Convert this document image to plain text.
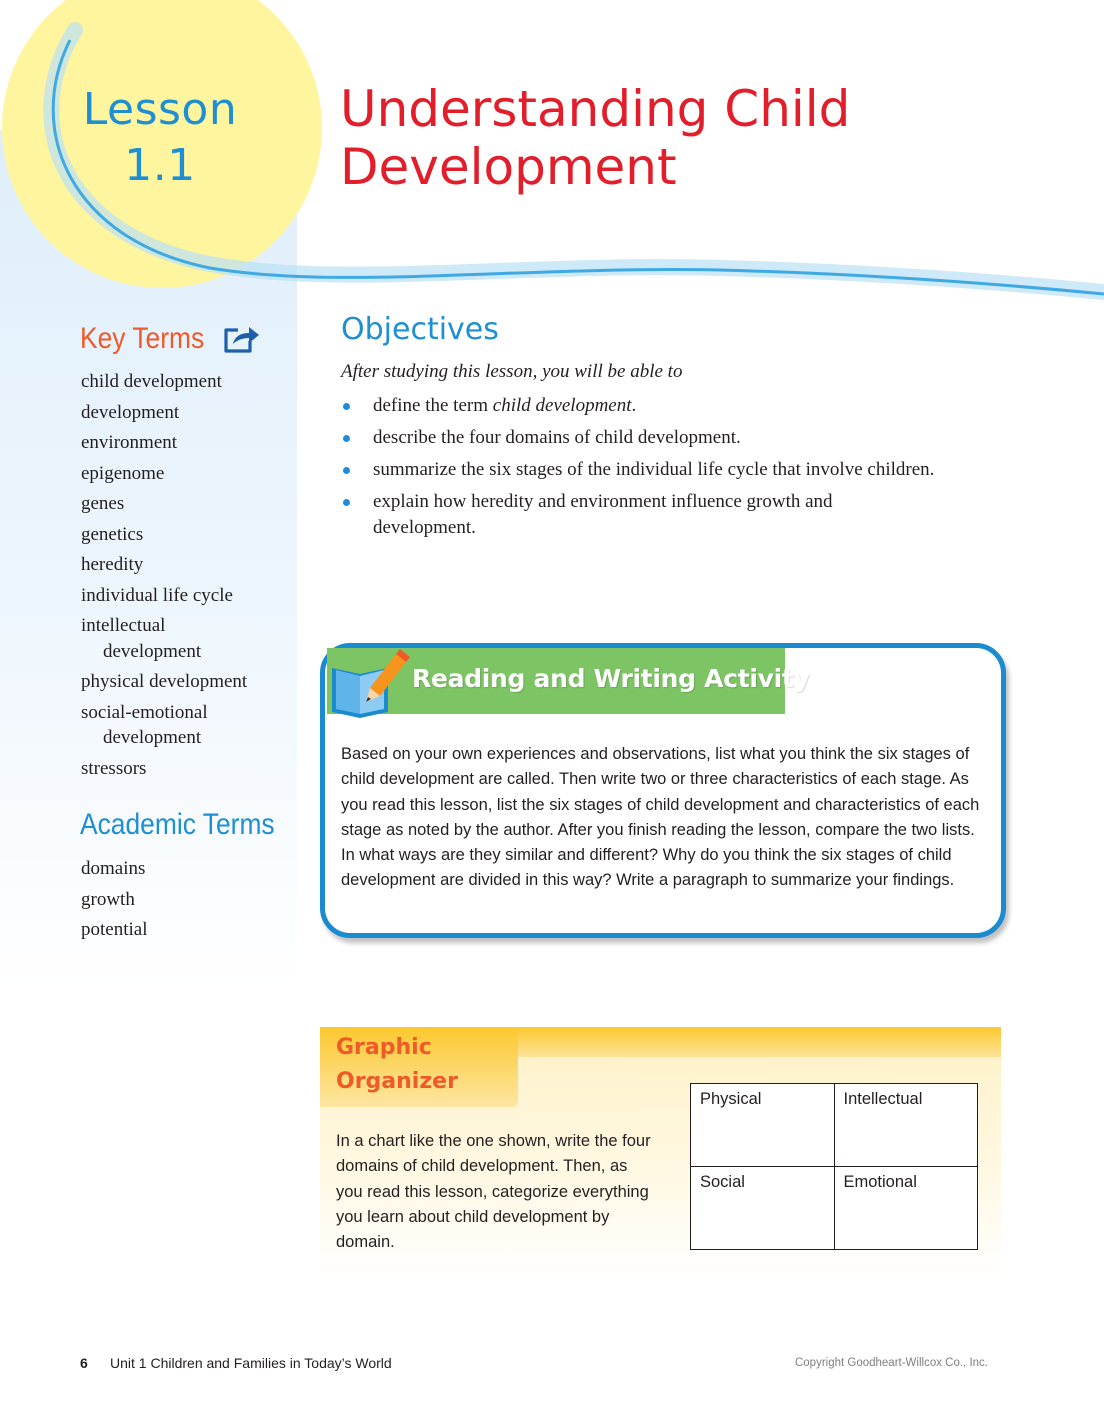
Lesson
1.1
Understanding Child
Development
Key Terms
child development
development
environment
epigenome
genes
genetics
heredity
individual life cycle
intellectual development
physical development
social-emotional development
stressors
Academic Terms
domains
growth
potential
Objectives
After studying this lesson, you will be able to
define the term child development.
describe the four domains of child development.
summarize the six stages of the individual life cycle that involve children.
explain how heredity and environment influence growth and development.
Reading and Writing Activity
Based on your own experiences and observations, list what you think the six stages of child development are called. Then write two or three characteristics of each stage. As you read this lesson, list the six stages of child development and characteristics of each stage as noted by the author. After you finish reading the lesson, compare the two lists. In what ways are they similar and different? Why do you think the six stages of child development are divided in this way? Write a paragraph to summarize your findings.
Graphic
Organizer
In a chart like the one shown, write the four domains of child development. Then, as you read this lesson, categorize everything you learn about child development by domain.
Physical	Intellectual
Social	Emotional
6 Unit 1 Children and Families in Today’s World	Copyright Goodheart-Willcox Co., Inc.
